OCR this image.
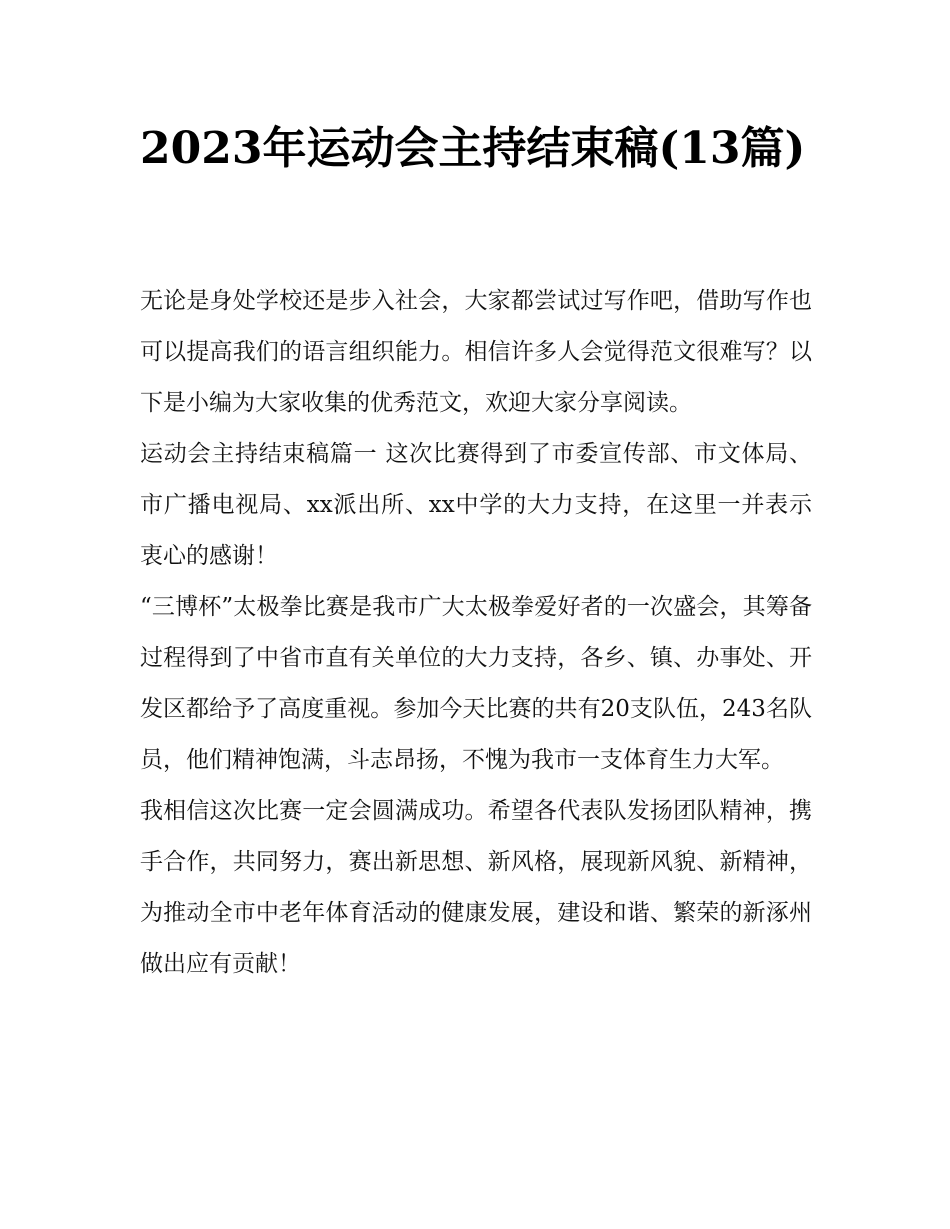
2023年运动会主持结束稿(13篇)

无论是身处学校还是步入社会，大家都尝试过写作吧，借助写作也可以提高我们的语言组织能力。相信许多人会觉得范文很难写？以下是小编为大家收集的优秀范文，欢迎大家分享阅读。

运动会主持结束稿篇一 这次比赛得到了市委宣传部、市文体局、市广播电视局、xx派出所、xx中学的大力支持，在这里一并表示衷心的感谢！

“三博杯”太极拳比赛是我市广大太极拳爱好者的一次盛会，其筹备过程得到了中省市直有关单位的大力支持，各乡、镇、办事处、开发区都给予了高度重视。参加今天比赛的共有20支队伍，243名队员，他们精神饱满，斗志昂扬，不愧为我市一支体育生力大军。

我相信这次比赛一定会圆满成功。希望各代表队发扬团队精神，携手合作，共同努力，赛出新思想、新风格，展现新风貌、新精神，为推动全市中老年体育活动的健康发展，建设和谐、繁荣的新涿州做出应有贡献！
